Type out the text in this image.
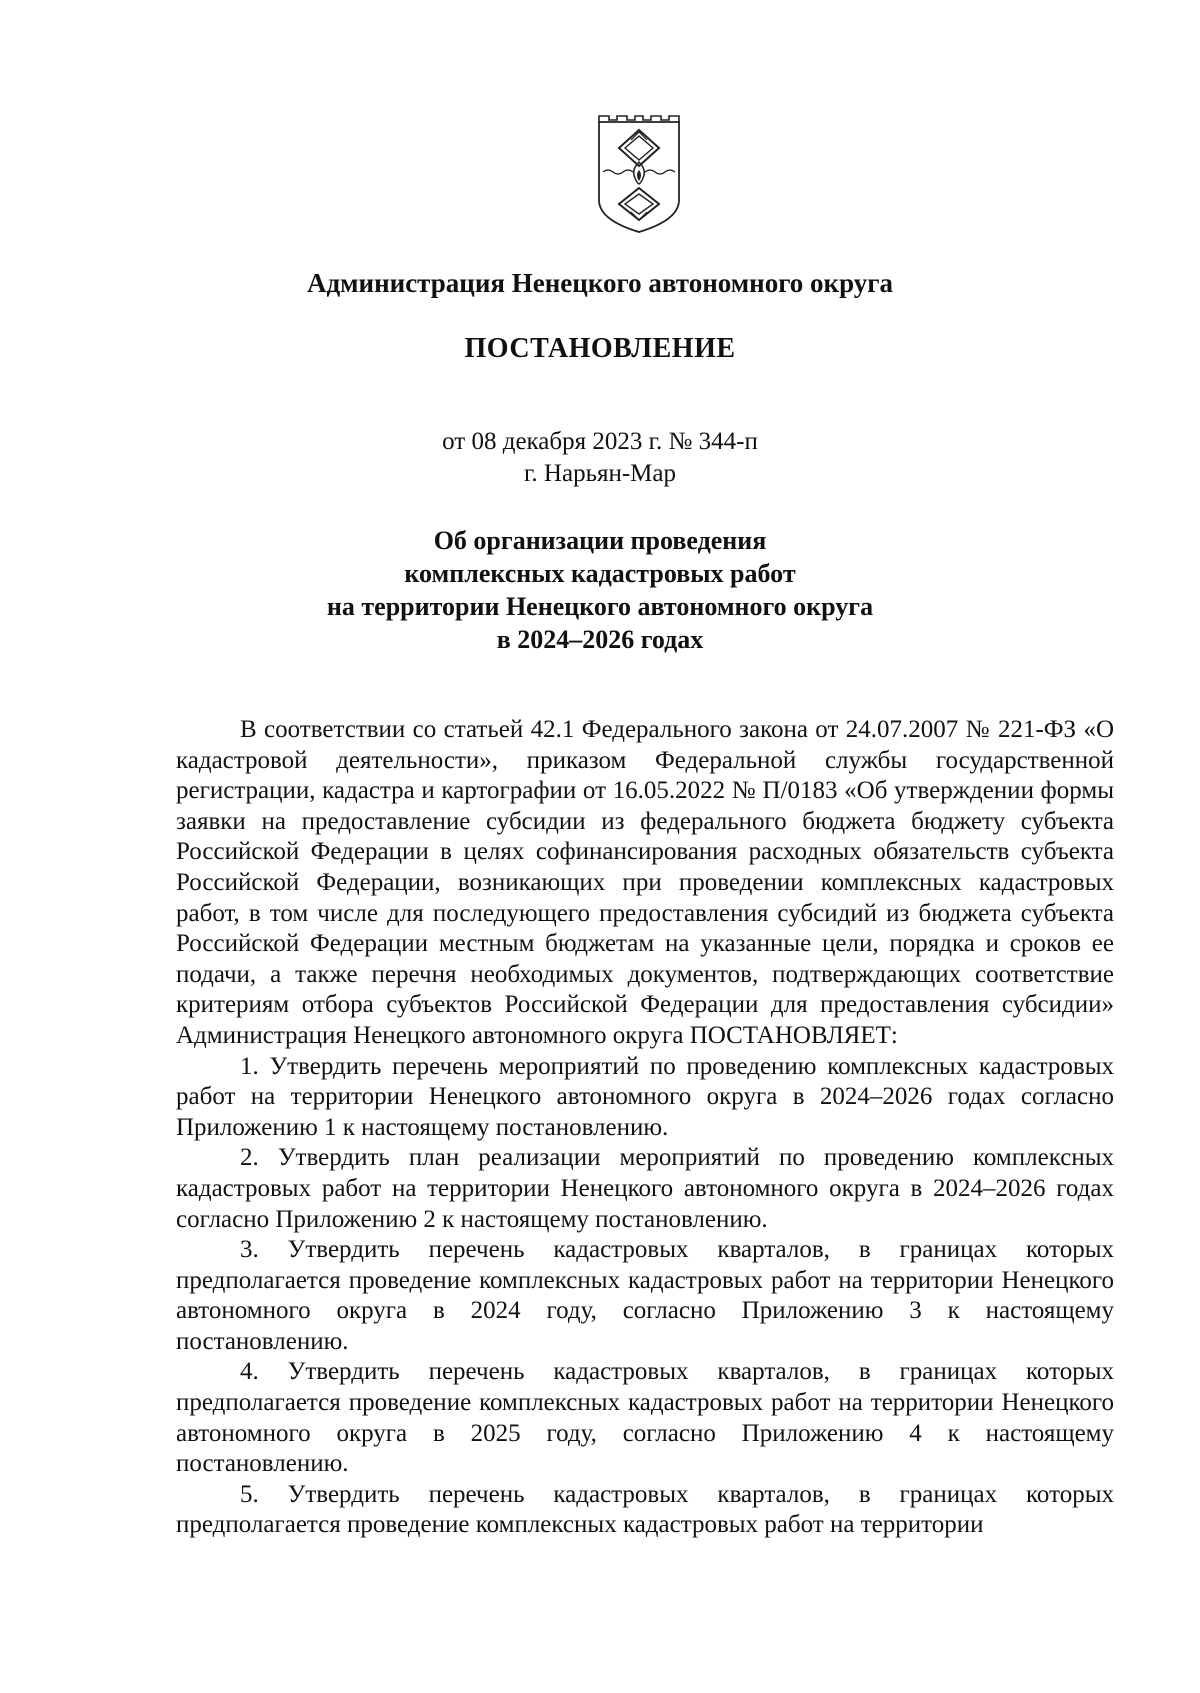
Администрация Ненецкого автономного округа
ПОСТАНОВЛЕНИЕ
от 08 декабря 2023 г. № 344-п
г. Нарьян-Мар
Об организации проведения
комплексных кадастровых работ
на территории Ненецкого автономного округа
в 2024–2026 годах

В соответствии со статьей 42.1 Федерального закона от 24.07.2007 № 221-ФЗ «О кадастровой деятельности», приказом Федеральной службы государственной регистрации, кадастра и картографии от 16.05.2022 № П/0183 «Об утверждении формы заявки на предоставление субсидии из федерального бюджета бюджету субъекта Российской Федерации в целях софинансирования расходных обязательств субъекта Российской Федерации, возникающих при проведении комплексных кадастровых работ, в том числе для последующего предоставления субсидий из бюджета субъекта Российской Федерации местным бюджетам на указанные цели, порядка и сроков ее подачи, а также перечня необходимых документов, подтверждающих соответствие критериям отбора субъектов Российской Федерации для предоставления субсидии» Администрация Ненецкого автономного округа ПОСТАНОВЛЯЕТ:

1. Утвердить перечень мероприятий по проведению комплексных кадастровых работ на территории Ненецкого автономного округа в 2024–2026 годах согласно Приложению 1 к настоящему постановлению.

2. Утвердить план реализации мероприятий по проведению комплексных кадастровых работ на территории Ненецкого автономного округа в 2024–2026 годах согласно Приложению 2 к настоящему постановлению.

3. Утвердить перечень кадастровых кварталов, в границах которых предполагается проведение комплексных кадастровых работ на территории Ненецкого автономного округа в 2024 году, согласно Приложению 3 к настоящему постановлению.

4. Утвердить перечень кадастровых кварталов, в границах которых предполагается проведение комплексных кадастровых работ на территории Ненецкого автономного округа в 2025 году, согласно Приложению 4 к настоящему постановлению.

5. Утвердить перечень кадастровых кварталов, в границах которых предполагается проведение комплексных кадастровых работ на территории
